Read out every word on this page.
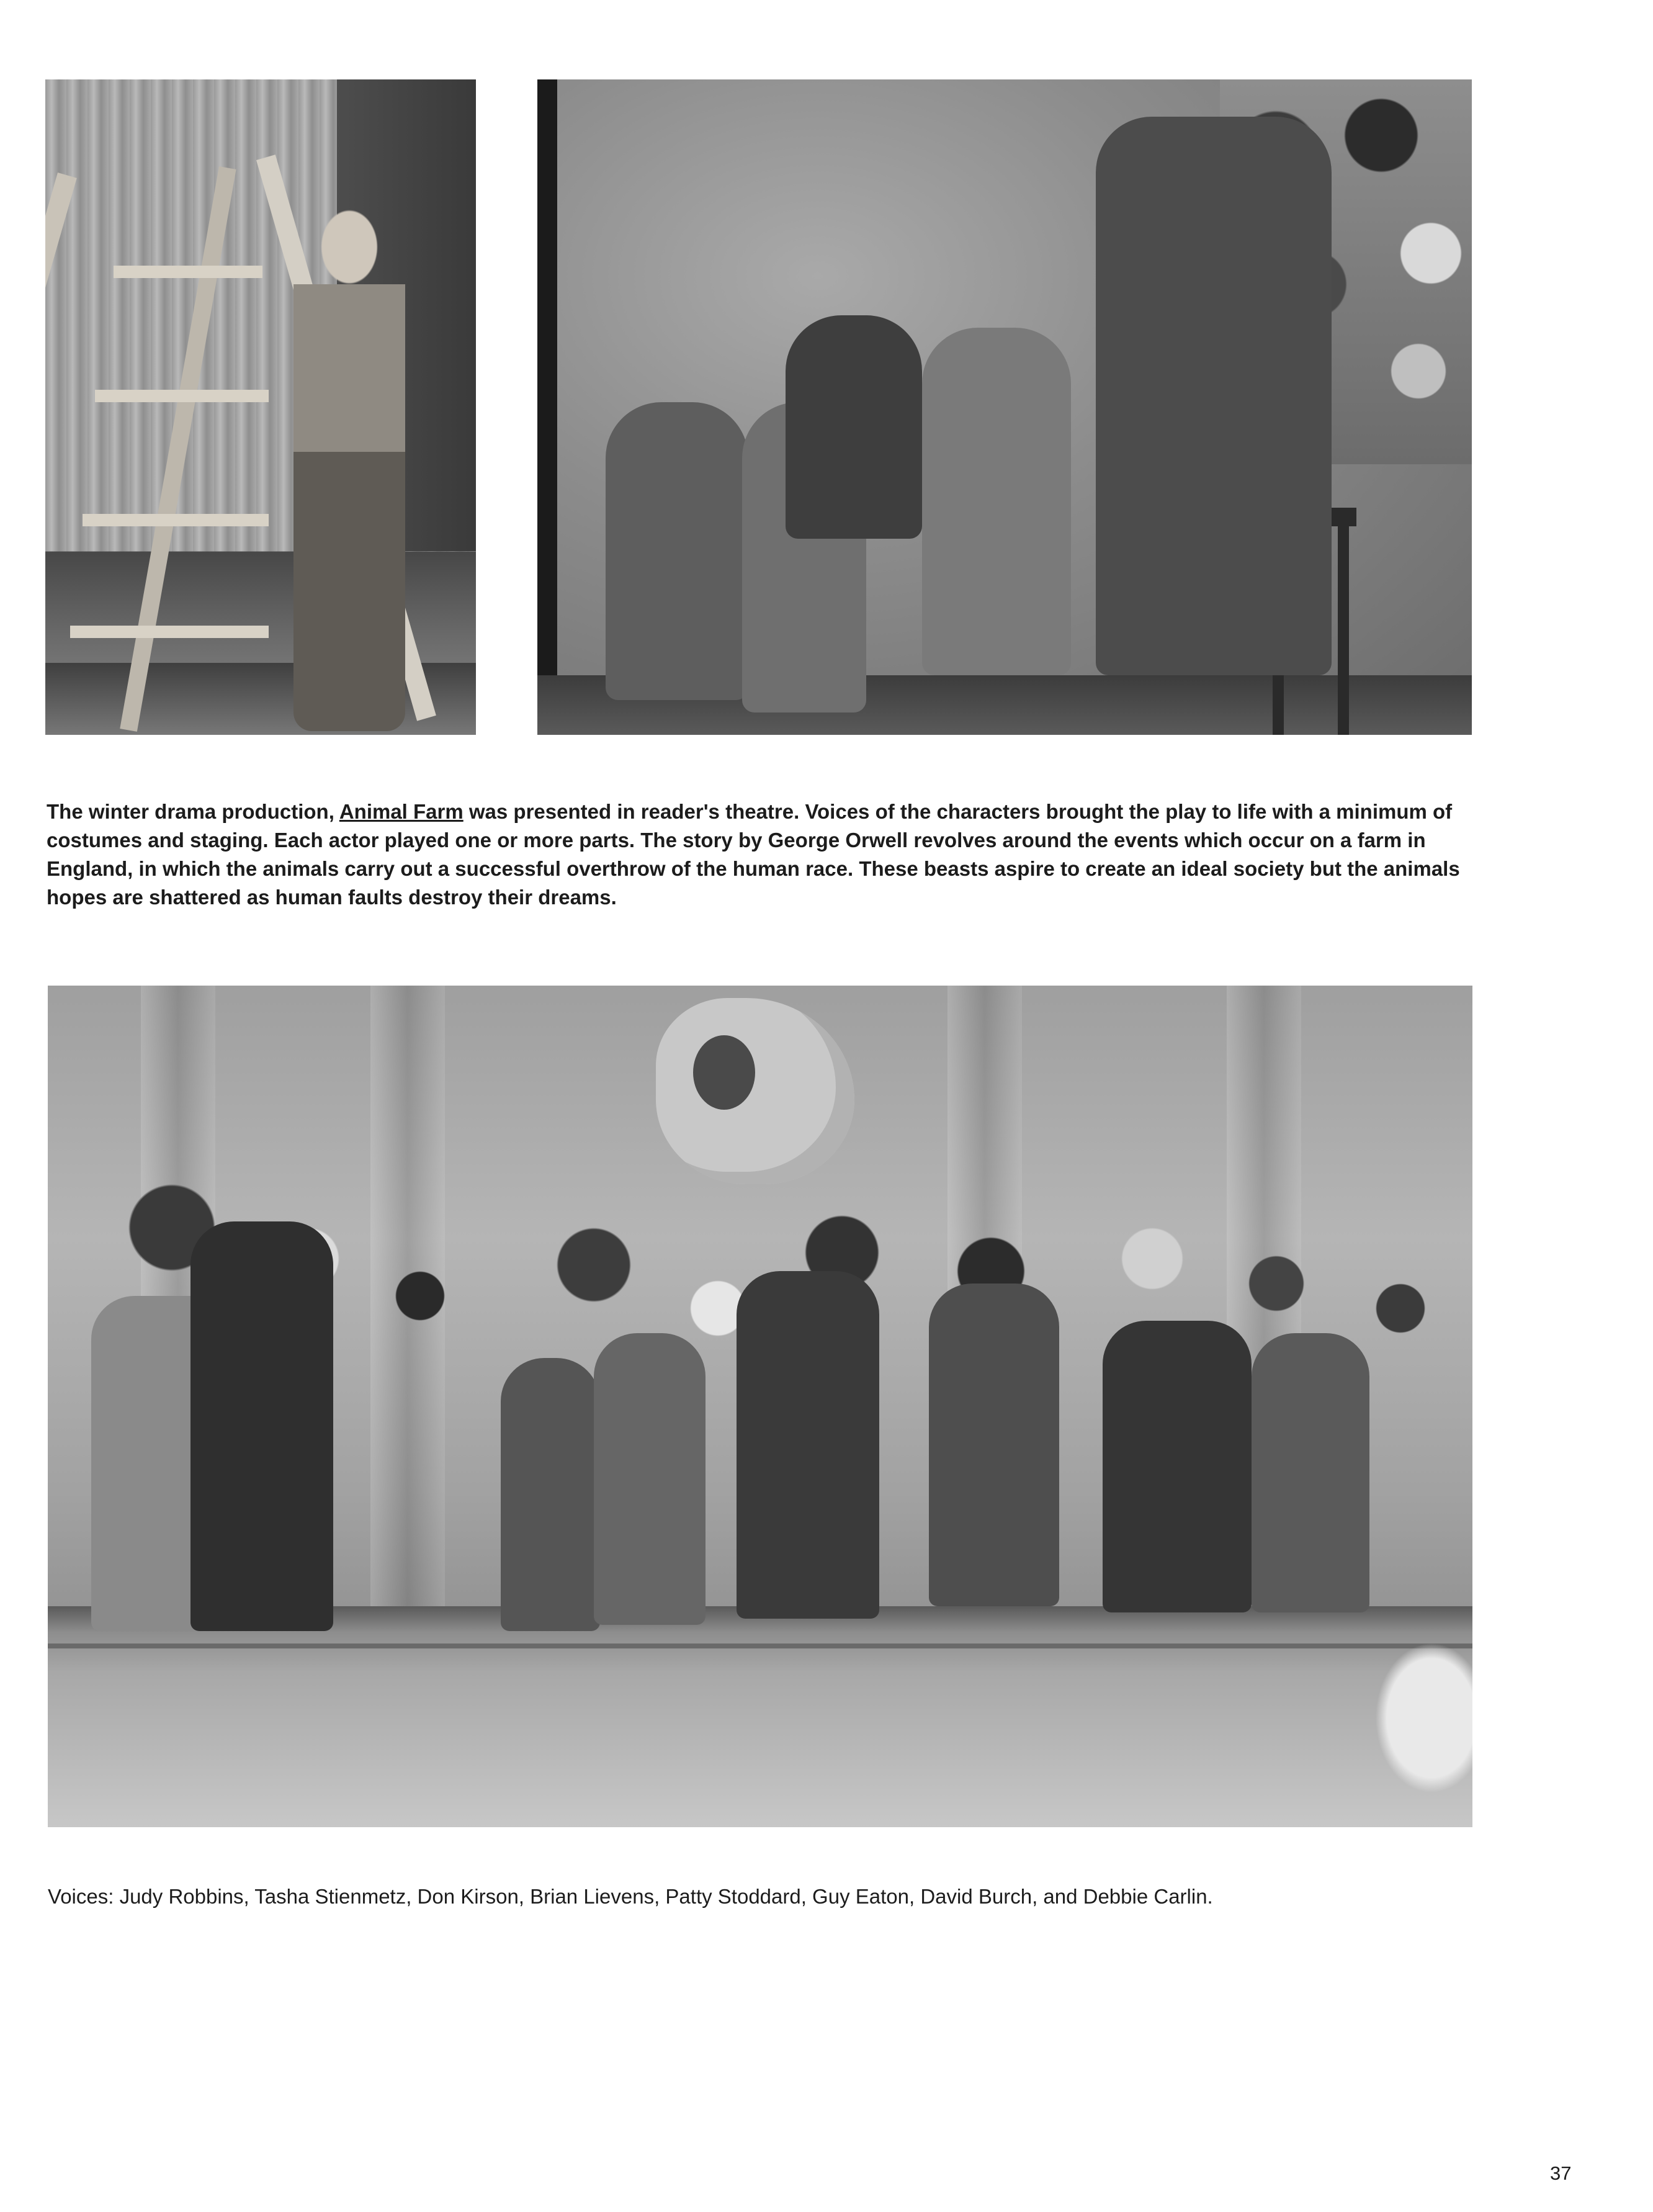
The winter drama production, Animal Farm was presented in reader's theatre. Voices of the characters brought the play to life with a minimum of costumes and staging. Each actor played one or more parts. The story by George Orwell revolves around the events which occur on a farm in England, in which the animals carry out a successful overthrow of the human race. These beasts aspire to create an ideal society but the animals hopes are shattered as human faults destroy their dreams.

Voices: Judy Robbins, Tasha Stienmetz, Don Kirson, Brian Lievens, Patty Stoddard, Guy Eaton, David Burch, and Debbie Carlin.

37
